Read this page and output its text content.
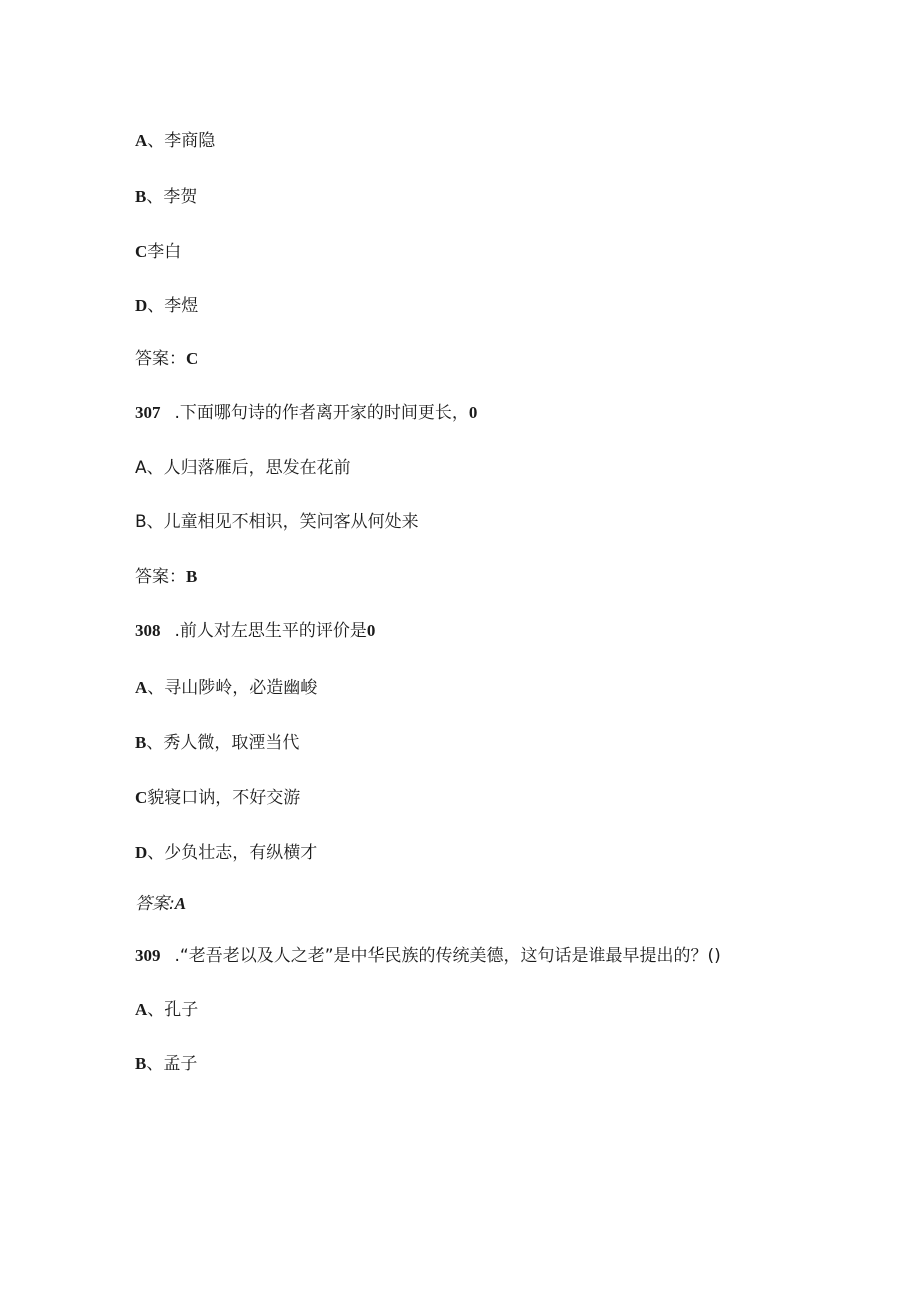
A、李商隐
B、李贺
C李白
D、李煜
答案：C
307 .下面哪句诗的作者离开家的时间更长，0
A、人归落雁后，思发在花前
B、儿童相见不相识，笑问客从何处来
答案：B
308 .前人对左思生平的评价是0
A、寻山陟岭，必造幽峻
B、秀人微，取湮当代
C貌寝口讷，不好交游
D、少负壮志，有纵横才
答案:A
309 .“老吾老以及人之老”是中华民族的传统美德，这句话是谁最早提出的？()
A、孔子
B、孟子
